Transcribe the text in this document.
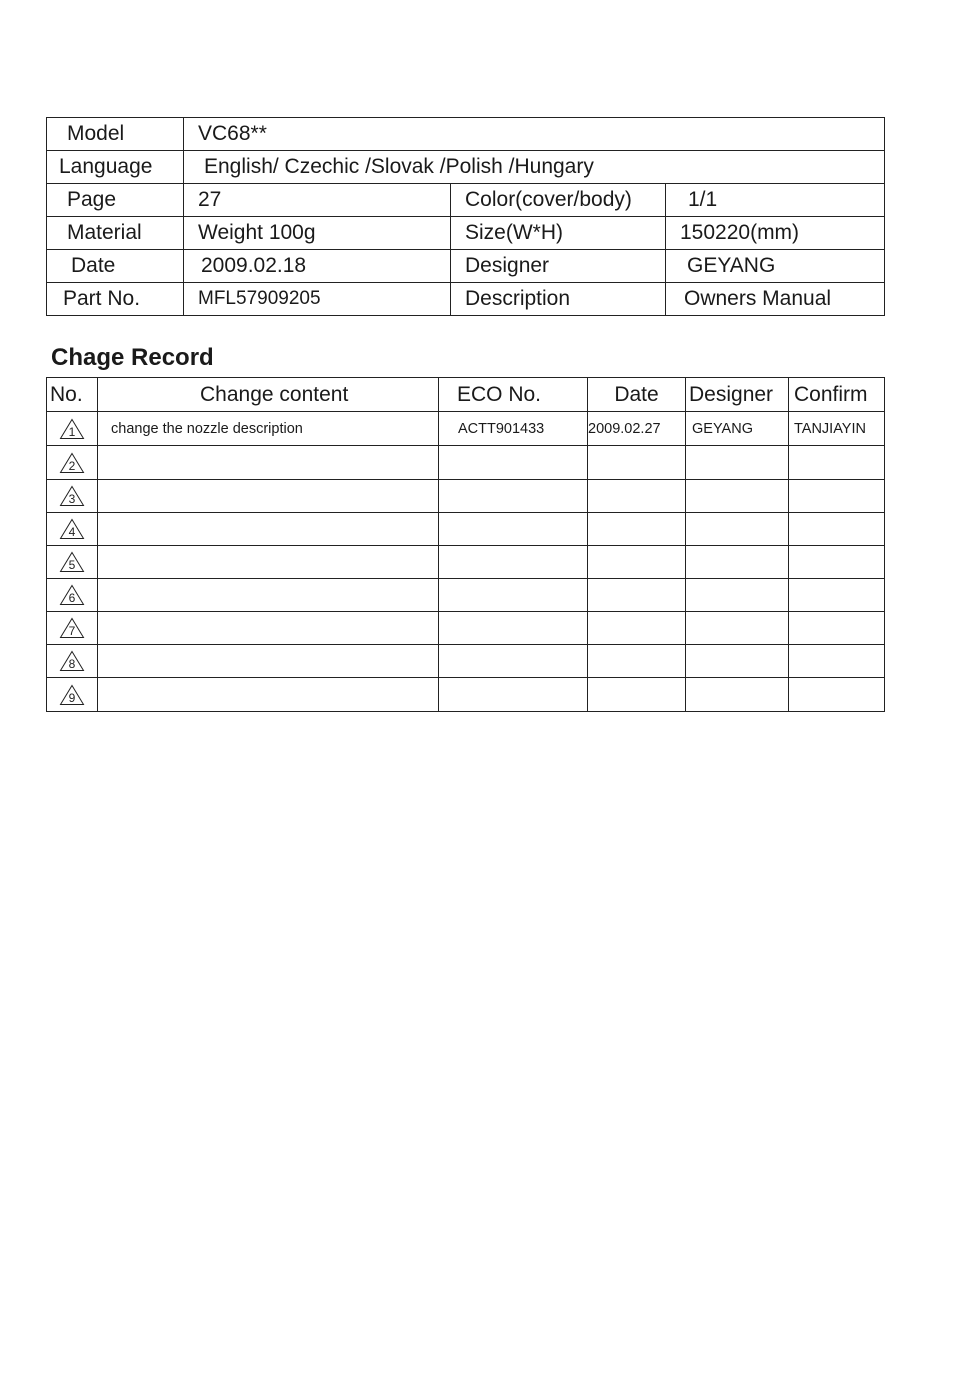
Model	VC68**		
Language	English/ Czechic /Slovak /Polish /Hungary		
Page	27	Color(cover/body)	1/1
Material	Weight 100g	Size(W*H)	150220(mm)
Date	2009.02.18	Designer	GEYANG
Part No.	MFL57909205	Description	Owners Manual
Chage Record
No.	Change content	ECO No.	Date	Designer	Confirm

1	change the nozzle description	ACTT901433	2009.02.27	GEYANG	TANJIAYIN

2					

3					

4					

5					

6					

7					

8					

9					
